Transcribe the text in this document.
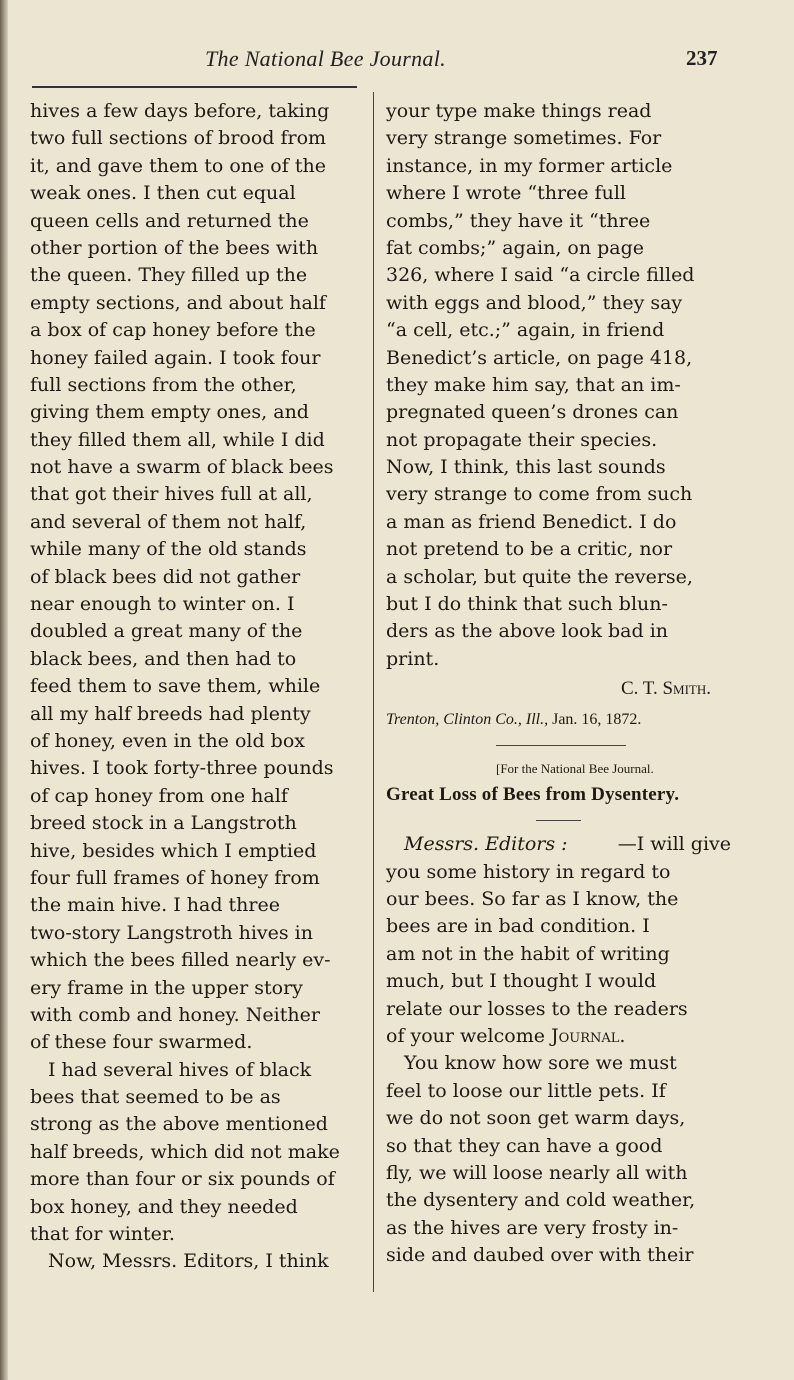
The National Bee Journal.	237
hives a few days before, taking
two full sections of brood from
it, and gave them to one of the
weak ones. I then cut equal
queen cells and returned the
other portion of the bees with
the queen. They filled up the
empty sections, and about half
a box of cap honey before the
honey failed again. I took four
full sections from the other,
giving them empty ones, and
they filled them all, while I did
not have a swarm of black bees
that got their hives full at all,
and several of them not half,
while many of the old stands
of black bees did not gather
near enough to winter on. I
doubled a great many of the
black bees, and then had to
feed them to save them, while
all my half breeds had plenty
of honey, even in the old box
hives. I took forty-three pounds
of cap honey from one half
breed stock in a Langstroth
hive, besides which I emptied
four full frames of honey from
the main hive. I had three
two-story Langstroth hives in
which the bees filled nearly ev-
ery frame in the upper story
with comb and honey. Neither
of these four swarmed.
I had several hives of black
bees that seemed to be as
strong as the above mentioned
half breeds, which did not make
more than four or six pounds of
box honey, and they needed
that for winter.
Now, Messrs. Editors, I think
your type make things read
very strange sometimes. For
instance, in my former article
where I wrote “three full
combs,” they have it “three
fat combs;” again, on page
326, where I said “a circle filled
with eggs and blood,” they say
“a cell, etc.;” again, in friend
Benedict’s article, on page 418,
they make him say, that an im-
pregnated queen’s drones can
not propagate their species.
Now, I think, this last sounds
very strange to come from such
a man as friend Benedict. I do
not pretend to be a critic, nor
a scholar, but quite the reverse,
but I do think that such blun-
ders as the above look bad in
print.
C. T. Smith.
Trenton, Clinton Co., Ill., Jan. 16, 1872.
[For the National Bee Journal.
Great Loss of Bees from Dysentery.
Messrs. Editors :	—I will give
you some history in regard to
our bees. So far as I know, the
bees are in bad condition. I
am not in the habit of writing
much, but I thought I would
relate our losses to the readers
of your welcome Journal.
You know how sore we must
feel to loose our little pets. If
we do not soon get warm days,
so that they can have a good
fly, we will loose nearly all with
the dysentery and cold weather,
as the hives are very frosty in-
side and daubed over with their
